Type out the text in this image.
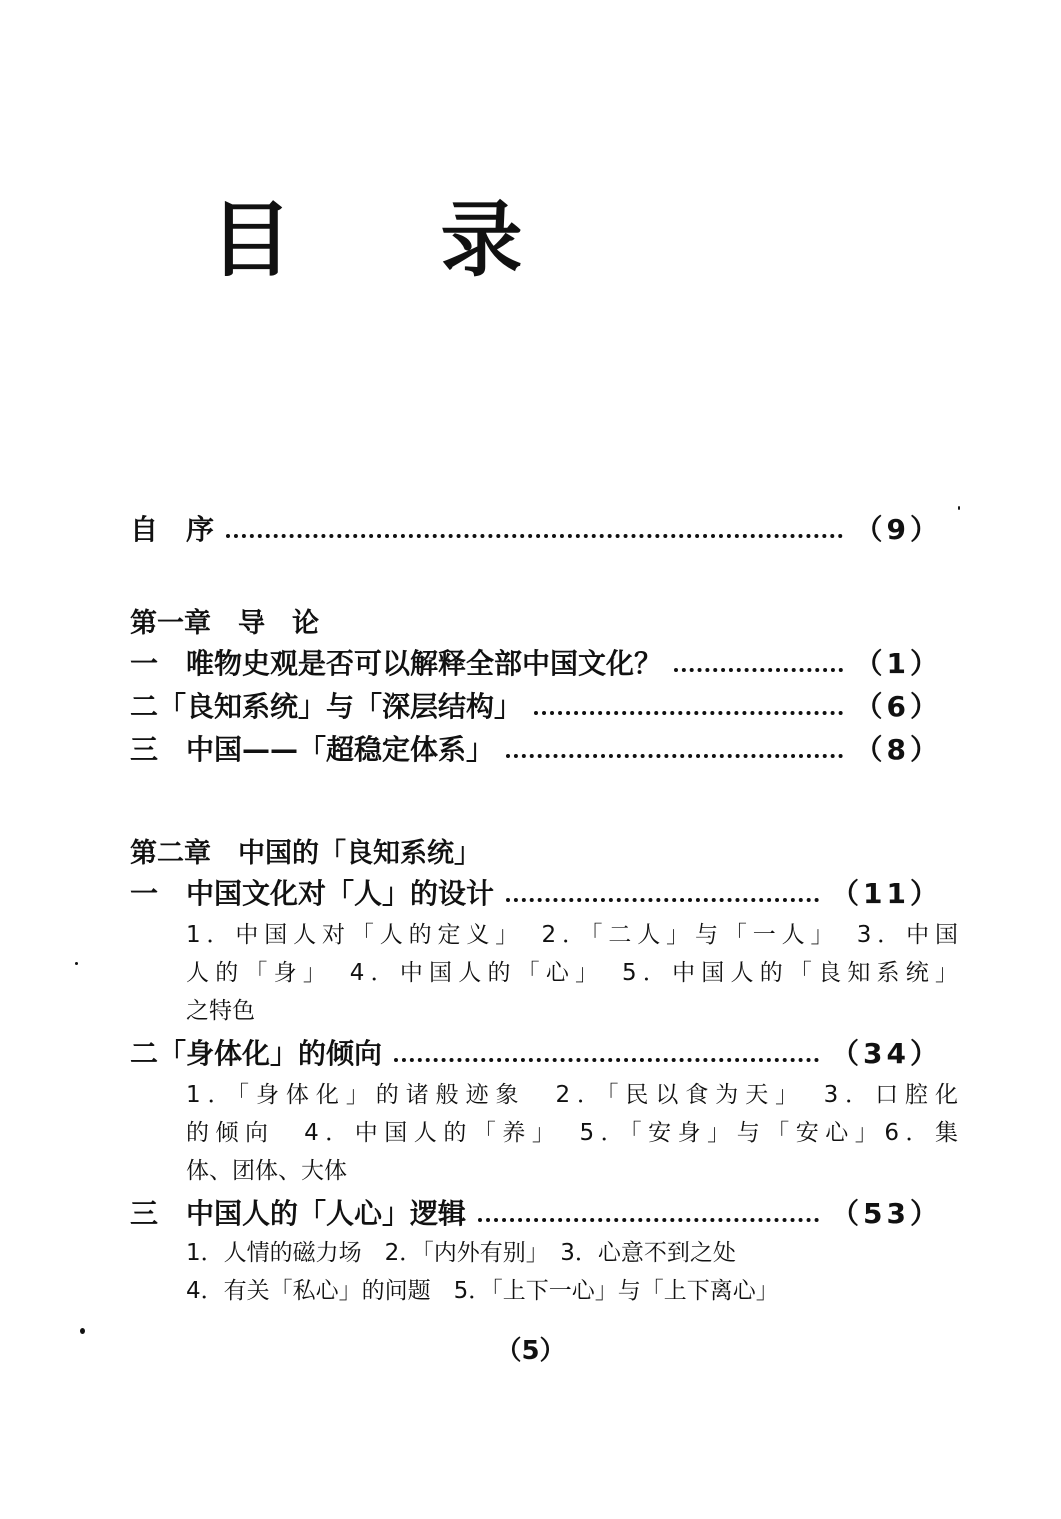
目 录
自　序	（9）
第一章　导　论
一　唯物史观是否可以解释全部中国文化？	（1）
二「良知系统」与「深层结构」	（6）
三　中国——「超稳定体系」	（8）
第二章　中国的「良知系统」
一　中国文化对「人」的设计	（11）
1．中国人对「人的定义」　2．「二人」与「一人」　3．中国
人的「身」　4．中国人的「心」　5．中国人的「良知系统」
之特色
二「身体化」的倾向	（34）
1．「身体化」的诸般迹象　2．「民以食为天」　3．口腔化
的倾向　4．中国人的「养」　5．「安身」与「安心」6．集
体、团体、大体
三　中国人的「人心」逻辑	（53）
1．人情的磁力场　2．「内外有别」　3．心意不到之处
4．有关「私心」的问题　5．「上下一心」与「上下离心」
（5）
